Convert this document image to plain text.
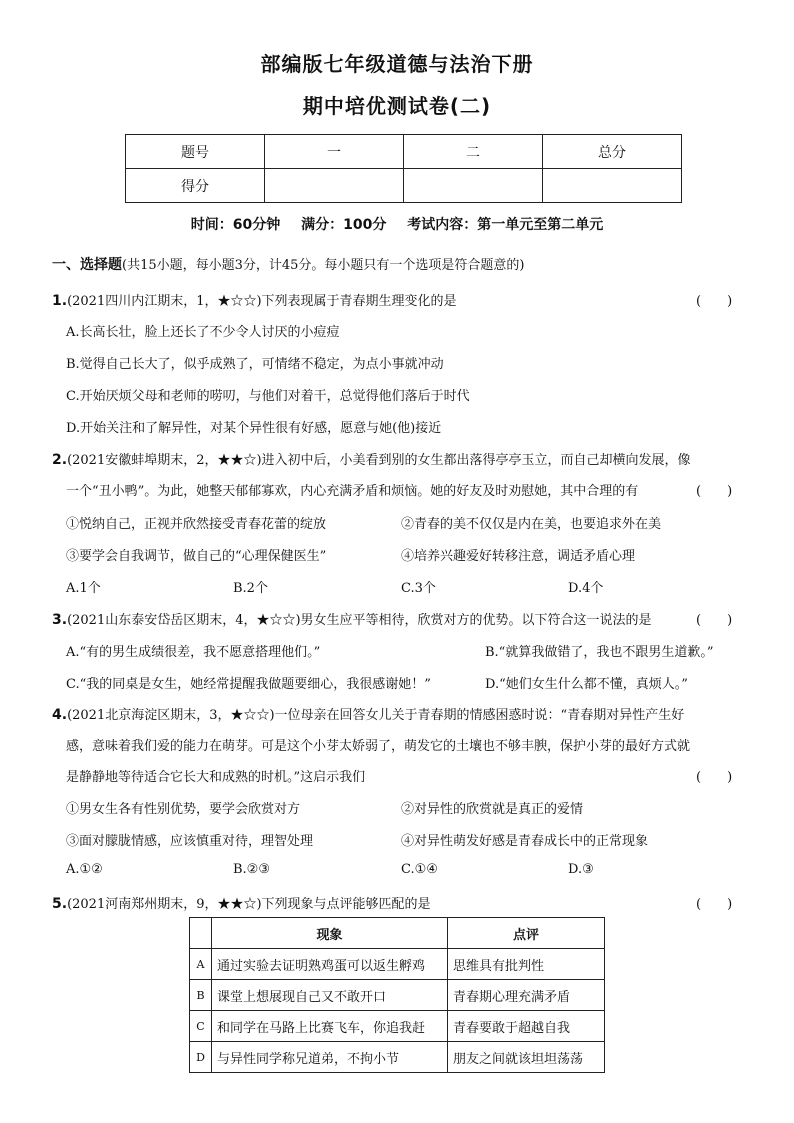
部编版七年级道德与法治下册
期中培优测试卷(二)
题号	一	二	总分
得分			
时间：60分钟 满分：100分 考试内容：第一单元至第二单元
一、选择题(共15小题，每小题3分，计45分。每小题只有一个选项是符合题意的)
1.(2021四川内江期末，1，★☆☆)下列表现属于青春期生理变化的是	(　　)
A.长高长壮，脸上还长了不少令人讨厌的小痘痘
B.觉得自己长大了，似乎成熟了，可情绪不稳定，为点小事就冲动
C.开始厌烦父母和老师的唠叨，与他们对着干，总觉得他们落后于时代
D.开始关注和了解异性，对某个异性很有好感，愿意与她(他)接近
2.(2021安徽蚌埠期末，2，★★☆)进入初中后，小美看到别的女生都出落得亭亭玉立，而自己却横向发展，像
一个“丑小鸭”。为此，她整天郁郁寡欢，内心充满矛盾和烦恼。她的好友及时劝慰她，其中合理的有	(　　)
①悦纳自己，正视并欣然接受青春花蕾的绽放	②青春的美不仅仅是内在美，也要追求外在美
③要学会自我调节，做自己的“心理保健医生”	④培养兴趣爱好转移注意，调适矛盾心理
A.1个	B.2个	C.3个	D.4个
3.(2021山东泰安岱岳区期末，4，★☆☆)男女生应平等相待，欣赏对方的优势。以下符合这一说法的是	(　　)
A.“有的男生成绩很差，我不愿意搭理他们。”	B.“就算我做错了，我也不跟男生道歉。”
C.“我的同桌是女生，她经常提醒我做题要细心，我很感谢她！”	D.“她们女生什么都不懂，真烦人。”
4.(2021北京海淀区期末，3，★☆☆)一位母亲在回答女儿关于青春期的情感困惑时说：“青春期对异性产生好
感，意味着我们爱的能力在萌芽。可是这个小芽太娇弱了，萌发它的土壤也不够丰腴，保护小芽的最好方式就
是静静地等待适合它长大和成熟的时机。”这启示我们	(　　)
①男女生各有性别优势，要学会欣赏对方	②对异性的欣赏就是真正的爱情
③面对朦胧情感，应该慎重对待，理智处理	④对异性萌发好感是青春成长中的正常现象
A.①②	B.②③	C.①④	D.③
5.(2021河南郑州期末，9，★★☆)下列现象与点评能够匹配的是	(　　)
	现象	点评
A	通过实验去证明熟鸡蛋可以返生孵鸡	思维具有批判性
B	课堂上想展现自己又不敢开口	青春期心理充满矛盾
C	和同学在马路上比赛飞车，你追我赶	青春要敢于超越自我
D	与异性同学称兄道弟，不拘小节	朋友之间就该坦坦荡荡
